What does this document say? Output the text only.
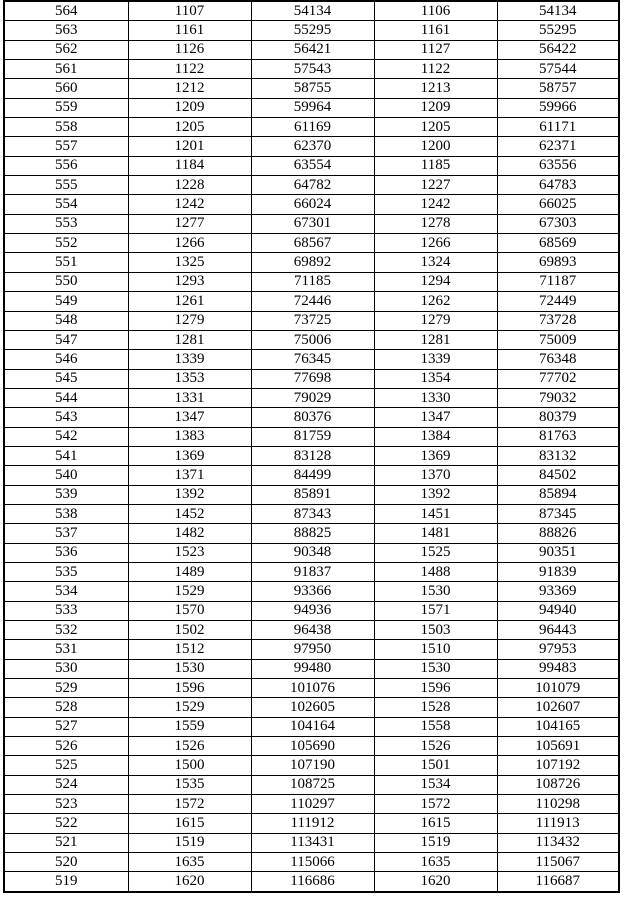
564	1107	54134	1106	54134
563	1161	55295	1161	55295
562	1126	56421	1127	56422
561	1122	57543	1122	57544
560	1212	58755	1213	58757
559	1209	59964	1209	59966
558	1205	61169	1205	61171
557	1201	62370	1200	62371
556	1184	63554	1185	63556
555	1228	64782	1227	64783
554	1242	66024	1242	66025
553	1277	67301	1278	67303
552	1266	68567	1266	68569
551	1325	69892	1324	69893
550	1293	71185	1294	71187
549	1261	72446	1262	72449
548	1279	73725	1279	73728
547	1281	75006	1281	75009
546	1339	76345	1339	76348
545	1353	77698	1354	77702
544	1331	79029	1330	79032
543	1347	80376	1347	80379
542	1383	81759	1384	81763
541	1369	83128	1369	83132
540	1371	84499	1370	84502
539	1392	85891	1392	85894
538	1452	87343	1451	87345
537	1482	88825	1481	88826
536	1523	90348	1525	90351
535	1489	91837	1488	91839
534	1529	93366	1530	93369
533	1570	94936	1571	94940
532	1502	96438	1503	96443
531	1512	97950	1510	97953
530	1530	99480	1530	99483
529	1596	101076	1596	101079
528	1529	102605	1528	102607
527	1559	104164	1558	104165
526	1526	105690	1526	105691
525	1500	107190	1501	107192
524	1535	108725	1534	108726
523	1572	110297	1572	110298
522	1615	111912	1615	111913
521	1519	113431	1519	113432
520	1635	115066	1635	115067
519	1620	116686	1620	116687
